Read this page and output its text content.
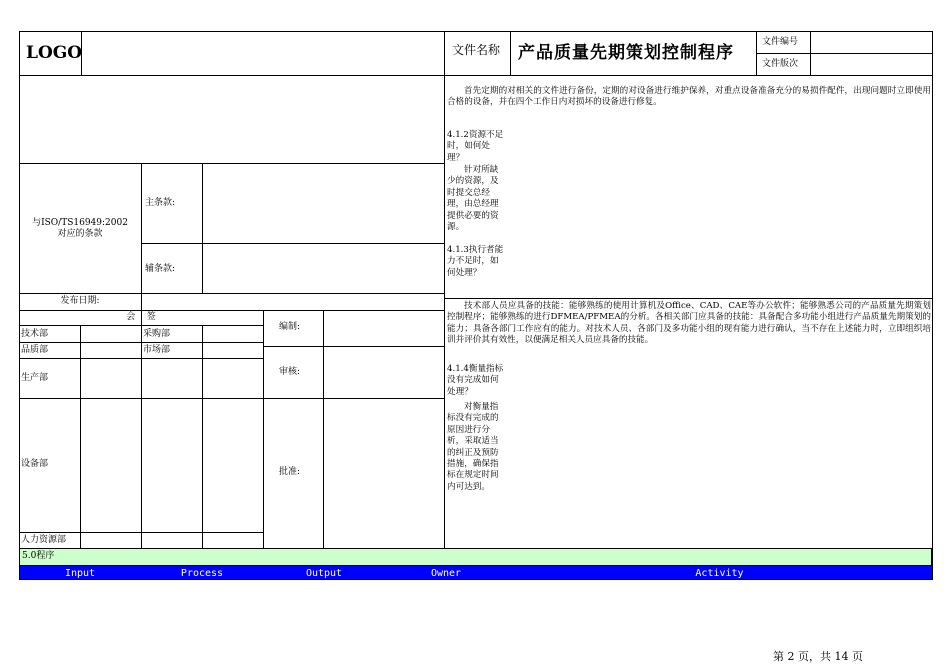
LOGO	文件名称 产品质量先期策划控制程序
文件编号
文件版次
与ISO/TS16949:2002
对应的条款
主条款:
辅条款:
发布日期:
会    签
技术部	采购部
品质部	市场部
生产部
设备部
人力资源部
编制:
审核:
批准:
首先定期的对相关的文件进行备份，定期的对设备进行维护保养，对重点设备准备充分的易损件配件，出现问题时立即使用合格的设备，并在四个工作日内对损坏的设备进行修复。
4.1.2资源不足时，如何处理？
针对所缺少的资源，及时提交总经理，由总经理提供必要的资源。
4.1.3执行者能力不足时，如何处理？
技术部人员应具备的技能：能够熟练的使用计算机及Office、CAD、CAE等办公软件；能够熟悉公司的产品质量先期策划控制程序；能够熟练的进行DFMEA/PFMEA的分析。各相关部门应具备的技能：具备配合多功能小组进行产品质量先期策划的能力；具备各部门工作应有的能力。对技术人员、各部门及多功能小组的现有能力进行确认，当不存在上述能力时，立即组织培训并评价其有效性，以便满足相关人员应具备的技能。
4.1.4衡量指标没有完成如何处理？
对衡量指标没有完成的原因进行分析，采取适当的纠正及预防措施，确保指标在规定时间内可达到。
5.0程序
Input	Process	Output	Owner	Activity
第 2 页，共 14 页
